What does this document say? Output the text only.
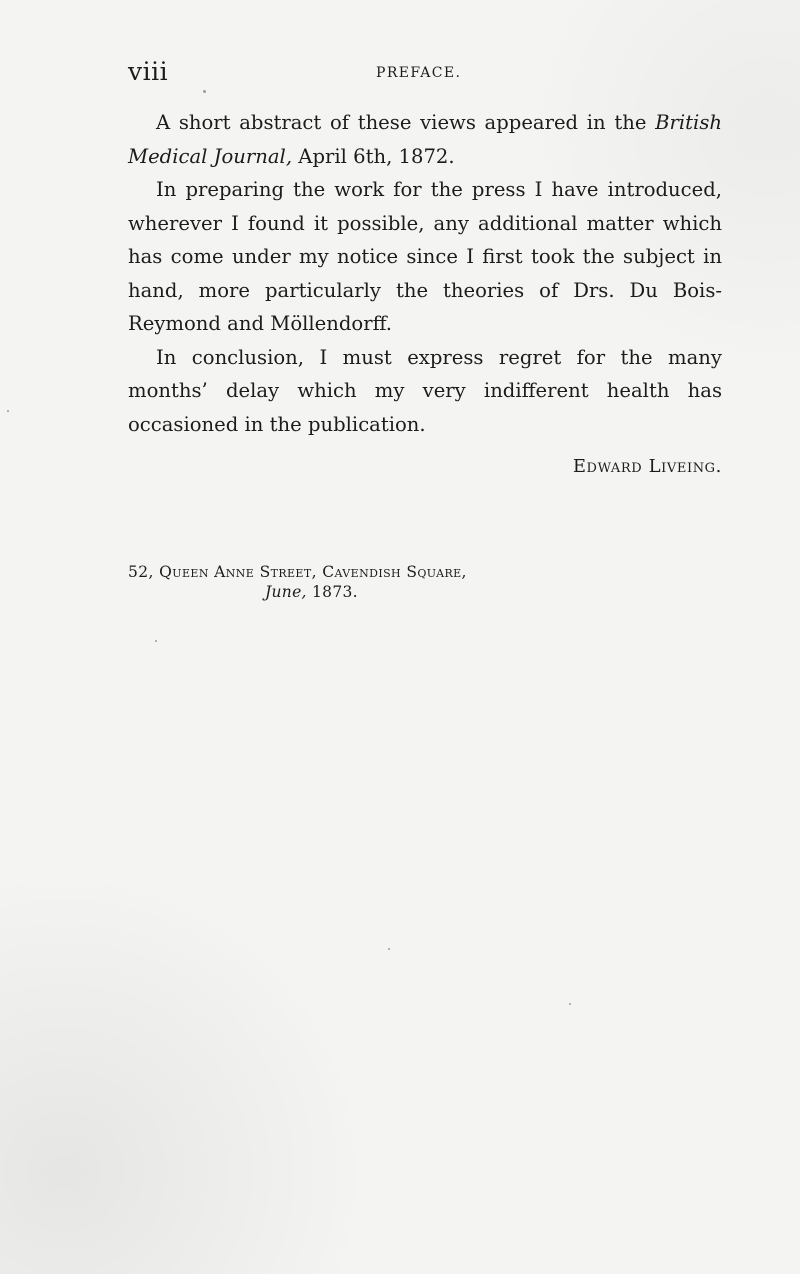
viii	PREFACE.

A short abstract of these views appeared in the British Medical Journal, April 6th, 1872.

In preparing the work for the press I have introduced, wherever I found it possible, any additional matter which has come under my notice since I first took the subject in hand, more particularly the theories of Drs. Du Bois-Reymond and Möllendorff.

In conclusion, I must express regret for the many months’ delay which my very indifferent health has occasioned in the publication.

Edward Liveing.
52, Queen Anne Street, Cavendish Square,
June, 1873.
